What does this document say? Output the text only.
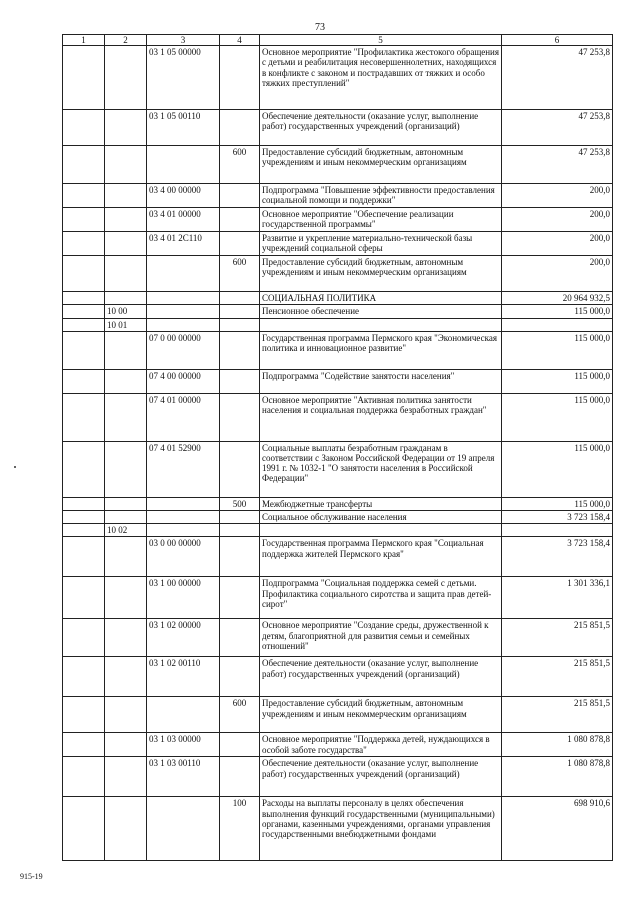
73
1	2	3	4	5	6
		03 1 05 00000		Основное мероприятие "Профилактика жестокого обращения с детьми и реабилитация несовершеннолетних, находящихся в конфликте с законом и пострадавших от тяжких и особо тяжких преступлений"	47 253,8
		03 1 05 00110		Обеспечение деятельности (оказание услуг, выполнение работ) государственных учреждений (организаций)	47 253,8
			600	Предоставление субсидий бюджетным, автономным учреждениям и иным некоммерческим организациям	47 253,8
		03 4 00 00000		Подпрограмма "Повышение эффективности предоставления социальной помощи и поддержки"	200,0
		03 4 01 00000		Основное мероприятие "Обеспечение реализации государственной программы"	200,0
		03 4 01 2С110		Развитие и укрепление материально-технической базы учреждений социальной сферы	200,0
			600	Предоставление субсидий бюджетным, автономным учреждениям и иным некоммерческим организациям	200,0
				СОЦИАЛЬНАЯ ПОЛИТИКА	20 964 932,5
	10 00			Пенсионное обеспечение	115 000,0
	10 01				
		07 0 00 00000		Государственная программа Пермского края "Экономическая политика и инновационное развитие"	115 000,0
		07 4 00 00000		Подпрограмма "Содействие занятости населения"	115 000,0
		07 4 01 00000		Основное мероприятие "Активная политика занятости населения и социальная поддержка безработных граждан"	115 000,0
		07 4 01 52900		Социальные выплаты безработным гражданам в соответствии с Законом Российской Федерации от 19 апреля 1991 г. № 1032-1 "О занятости населения в Российской Федерации"	115 000,0
			500	Межбюджетные трансферты	115 000,0
				Социальное обслуживание населения	3 723 158,4
	10 02				
		03 0 00 00000		Государственная программа Пермского края "Социальная поддержка жителей Пермского края"	3 723 158,4
		03 1 00 00000		Подпрограмма "Социальная поддержка семей с детьми. Профилактика социального сиротства и защита прав детей-сирот"	1 301 336,1
		03 1 02 00000		Основное мероприятие "Создание среды, дружественной к детям, благоприятной для развития семьи и семейных отношений"	215 851,5
		03 1 02 00110		Обеспечение деятельности (оказание услуг, выполнение работ) государственных учреждений (организаций)	215 851,5
			600	Предоставление субсидий бюджетным, автономным учреждениям и иным некоммерческим организациям	215 851,5
		03 1 03 00000		Основное мероприятие "Поддержка детей, нуждающихся в особой заботе государства"	1 080 878,8
		03 1 03 00110		Обеспечение деятельности (оказание услуг, выполнение работ) государственных учреждений (организаций)	1 080 878,8
			100	Расходы на выплаты персоналу в целях обеспечения выполнения функций государственными (муниципальными) органами, казенными учреждениями, органами управления государственными внебюджетными фондами	698 910,6
915-19
